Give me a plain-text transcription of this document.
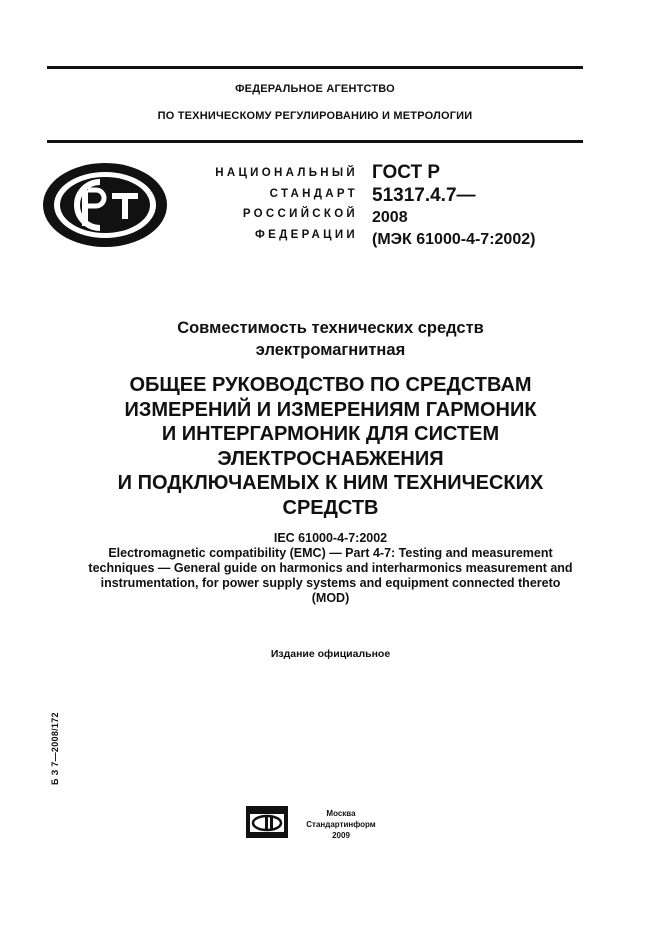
ФЕДЕРАЛЬНОЕ АГЕНТСТВО
ПО ТЕХНИЧЕСКОМУ РЕГУЛИРОВАНИЮ И МЕТРОЛОГИИ
НАЦИОНАЛЬНЫЙ
СТАНДАРТ
РОССИЙСКОЙ
ФЕДЕРАЦИИ
ГОСТ Р
51317.4.7—
2008
(МЭК 61000-4-7:2002)
Совместимость технических средств
электромагнитная
ОБЩЕЕ РУКОВОДСТВО ПО СРЕДСТВАМ
ИЗМЕРЕНИЙ И ИЗМЕРЕНИЯМ ГАРМОНИК
И ИНТЕРГАРМОНИК ДЛЯ СИСТЕМ
ЭЛЕКТРОСНАБЖЕНИЯ
И ПОДКЛЮЧАЕМЫХ К НИМ ТЕХНИЧЕСКИХ
СРЕДСТВ
IEC 61000-4-7:2002
Electromagnetic compatibility (EMC) — Part 4-7: Testing and measurement
techniques — General guide on harmonics and interharmonics measurement and
instrumentation, for power supply systems and equipment connected thereto
(MOD)
Издание официальное
Б З 7—2008/172
Москва
Стандартинформ
2009
